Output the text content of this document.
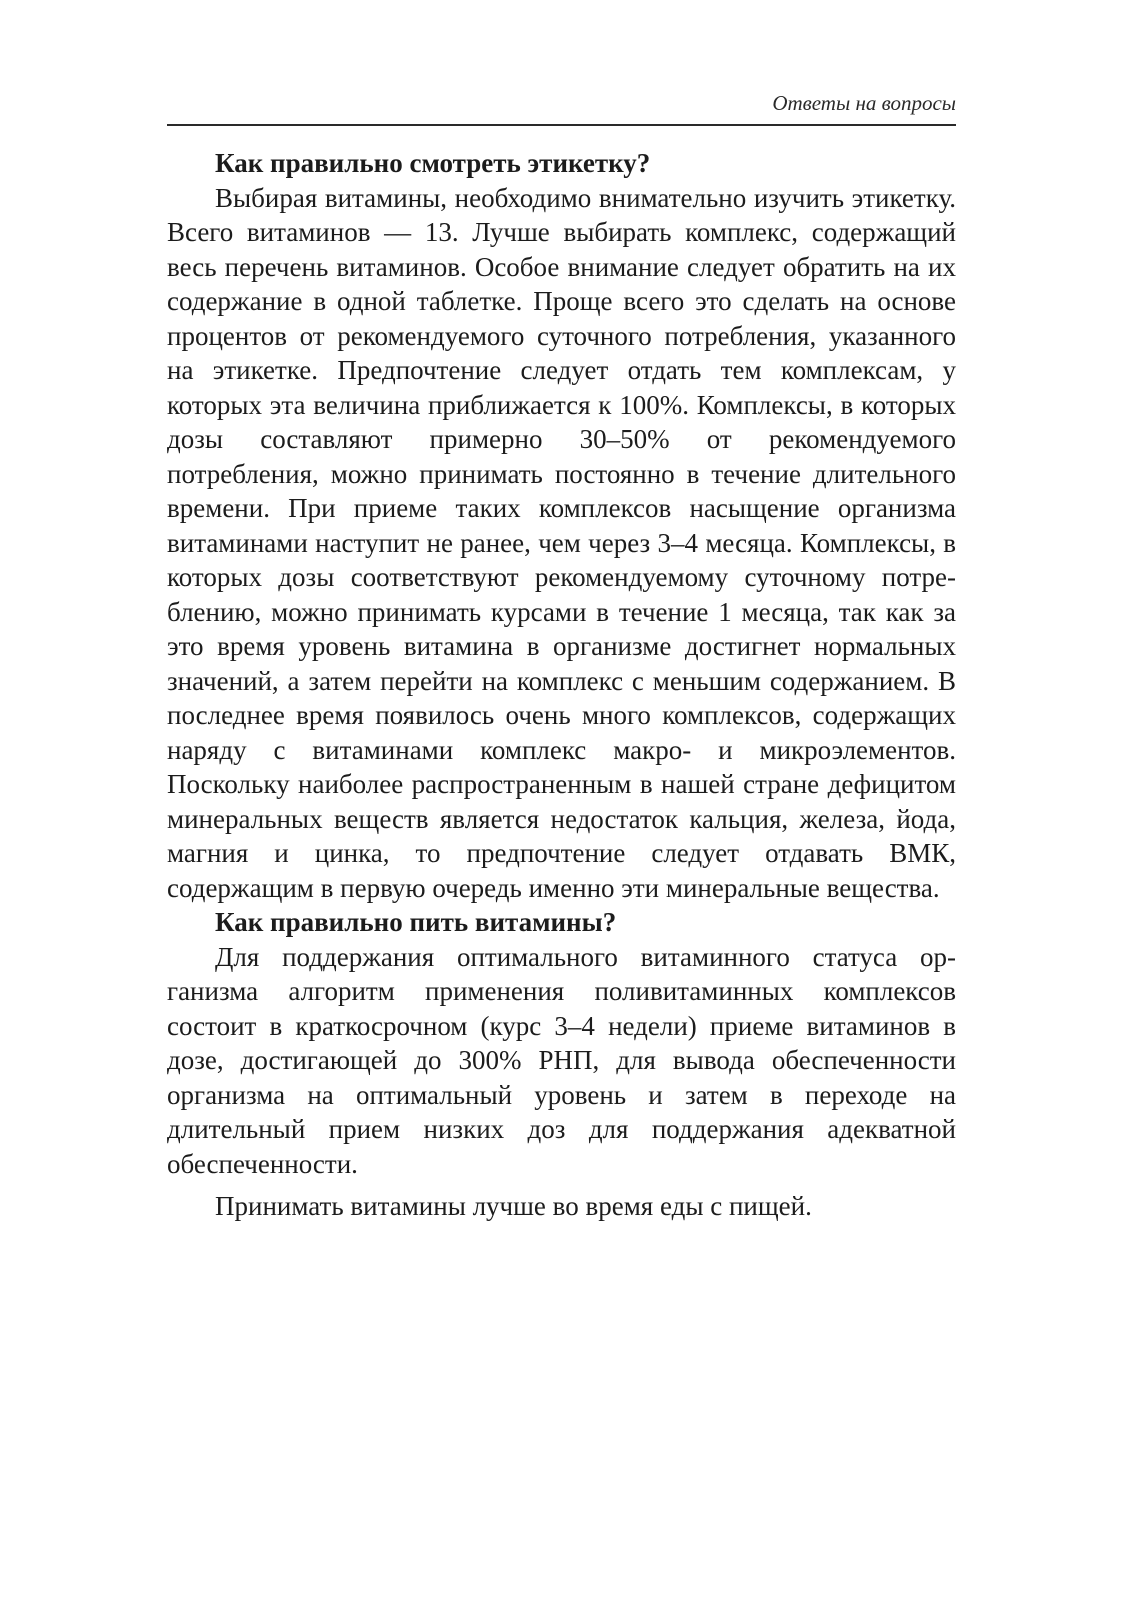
Ответы на вопросы
Как правильно смотреть этикетку?

Выбирая витамины, необходимо внимательно изучить этикетку. Всего витаминов — 13. Лучше выбирать комплекс, содержащий весь перечень витаминов. Особое внимание следует обратить на их содержание в одной таблетке. Проще всего это сделать на основе процентов от рекомендуемого суточного потребления, указанного на этикетке. Предпочтение следует отдать тем комплексам, у которых эта величина приближается к 100%. Комплексы, в которых дозы составляют примерно 30–50% от рекомендуемого потребления, можно принимать постоянно в течение длительного времени. При приеме таких комплексов насыщение организма витаминами наступит не ранее, чем через 3–4 месяца. Комплексы, в которых дозы соответствуют рекомендуемому суточному потреблению, можно принимать курсами в течение 1 месяца, так как за это время уровень витамина в организме достигнет нормальных значений, а затем перейти на комплекс с меньшим содержанием. В последнее время появилось очень много комплексов, содержащих наряду с витаминами комплекс макро- и микроэлементов. Поскольку наиболее распространенным в нашей стране дефицитом минеральных веществ является недостаток кальция, железа, йода, магния и цинка, то предпочтение следует отдавать ВМК, содержащим в первую очередь именно эти минеральные вещества.

Как правильно пить витамины?

Для поддержания оптимального витаминного статуса организма алгоритм применения поливитаминных комплексов состоит в краткосрочном (курс 3–4 недели) приеме витаминов в дозе, достигающей до 300% РНП, для вывода обеспеченности организма на оптимальный уровень и затем в переходе на длительный прием низких доз для поддержания адекватной обеспеченности.

Принимать витамины лучше во время еды с пищей.
